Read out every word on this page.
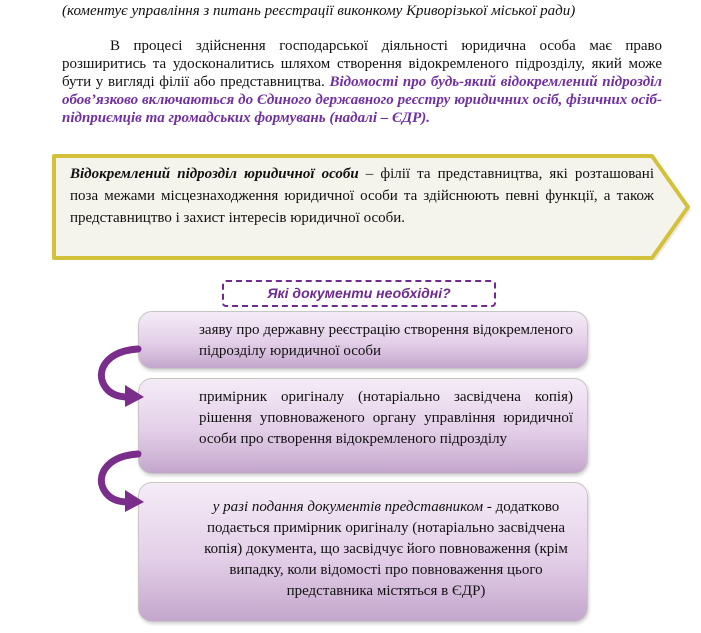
(коментує управління з питань реєстрації виконкому Криворізької міської ради)

В процесі здійснення господарської діяльності юридична особа має право розширитись та удосконалитись шляхом створення відокремленого підрозділу, який може бути у вигляді філії або представництва. Відомості про будь-який відокремлений підрозділ обов’язково включаються до Єдиного державного реєстру юридичних осіб, фізичних осіб-підприємців та громадських формувань (надалі – ЄДР).

Відокремлений підрозділ юридичної особи – філії та представництва, які розташовані поза межами місцезнаходження юридичної особи та здійснюють певні функції, а також представництво і захист інтересів юридичної особи.

Які документи необхідні?
заяву про державну реєстрацію створення відокремленого підрозділу юридичної особи
примірник оригіналу (нотаріально засвідчена копія) рішення уповноваженого органу управління юридичної особи про створення відокремленого підрозділу
у разі подання документів представником - додатково подається примірник оригіналу (нотаріально засвідчена копія) документа, що засвідчує його повноваження (крім випадку, коли відомості про повноваження цього представника містяться в ЄДР)
